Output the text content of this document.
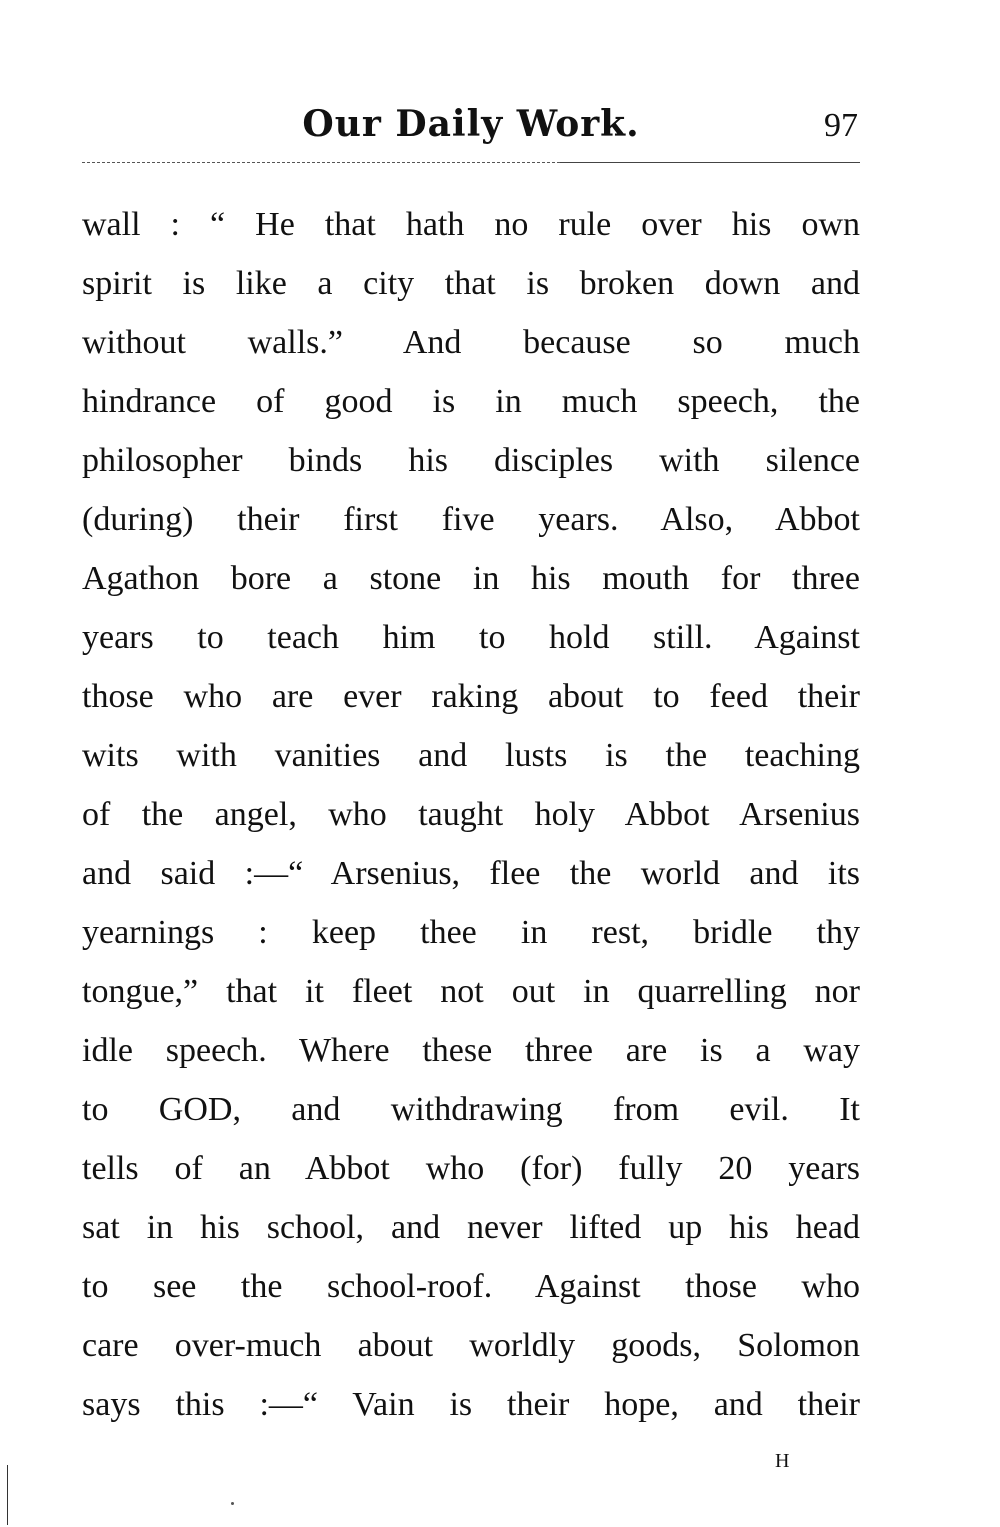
Our Daily Work.	97
wall : “ He that hath no rule over his own
spirit is like a city that is broken down and
without walls.” And because so much
hindrance of good is in much speech, the
philosopher binds his disciples with silence
(during) their first five years. Also, Abbot
Agathon bore a stone in his mouth for three
years to teach him to hold still. Against
those who are ever raking about to feed their
wits with vanities and lusts is the teaching
of the angel, who taught holy Abbot Arsenius
and said :—“ Arsenius, flee the world and its
yearnings : keep thee in rest, bridle thy
tongue,” that it fleet not out in quarrelling nor
idle speech. Where these three are is a way
to GOD, and withdrawing from evil. It
tells of an Abbot who (for) fully 20 years
sat in his school, and never lifted up his head
to see the school-roof. Against those who
care over-much about worldly goods, Solomon
says this :—“ Vain is their hope, and their
H
